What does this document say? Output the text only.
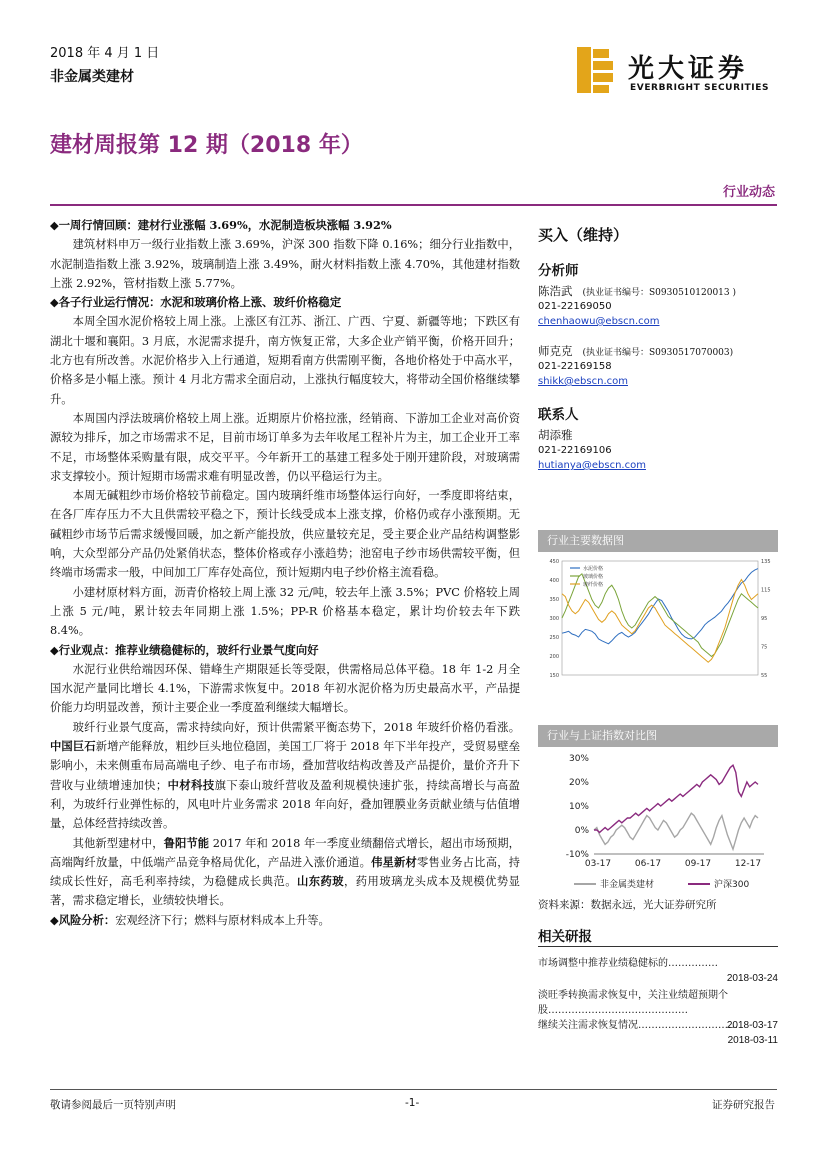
2018 年 4 月 1 日
非金属类建材	光大证券
EVERBRIGHT SECURITIES
建材周报第 12 期（2018 年）
行业动态

◆一周行情回顾：建材行业涨幅 3.69%，水泥制造板块涨幅 3.92%

建筑材料申万一级行业指数上涨 3.69%，沪深 300 指数下降 0.16%；细分行业指数中，水泥制造指数上涨 3.92%，玻璃制造上涨 3.49%，耐火材料指数上涨 4.70%，其他建材指数上涨 2.92%，管材指数上涨 5.77%。

◆各子行业运行情况：水泥和玻璃价格上涨、玻纤价格稳定

本周全国水泥价格较上周上涨。上涨区有江苏、浙江、广西、宁夏、新疆等地；下跌区有湖北十堰和襄阳。3 月底，水泥需求提升，南方恢复正常，大多企业产销平衡，价格开回升；北方也有所改善。水泥价格步入上行通道，短期看南方供需刚平衡，各地价格处于中高水平，价格多是小幅上涨。预计 4 月北方需求全面启动，上涨执行幅度较大，将带动全国价格继续攀升。

本周国内浮法玻璃价格较上周上涨。近期原片价格拉涨，经销商、下游加工企业对高价资源较为排斥，加之市场需求不足，目前市场订单多为去年收尾工程补片为主，加工企业开工率不足，市场整体采购量有限，成交平平。今年新开工的基建工程多处于刚开建阶段，对玻璃需求支撑较小。预计短期市场需求难有明显改善，仍以平稳运行为主。

本周无碱粗纱市场价格较节前稳定。国内玻璃纤维市场整体运行向好，一季度即将结束，在各厂库存压力不大且供需较平稳之下，预计长线受成本上涨支撑，价格仍或存小涨预期。无碱粗纱市场节后需求缓慢回暖，加之新产能投放，供应量较充足，受主要企业产品结构调整影响，大众型部分产品仍处紧俏状态，整体价格或存小涨趋势；池窑电子纱市场供需较平衡，但终端市场需求一般，中间加工厂库存处高位，预计短期内电子纱价格主流看稳。

小建材原材料方面，沥青价格较上周上涨 32 元/吨，较去年上涨 3.5%；PVC 价格较上周上涨 5 元/吨，累计较去年同期上涨 1.5%；PP-R 价格基本稳定，累计均价较去年下跌 8.4%。

◆行业观点：推荐业绩稳健标的，玻纤行业景气度向好

水泥行业供给端因环保、错峰生产期限延长等受限，供需格局总体平稳。18 年 1-2 月全国水泥产量同比增长 4.1%，下游需求恢复中。2018 年初水泥价格为历史最高水平，产品提价能力均明显改善，预计主要企业一季度盈利继续大幅增长。

玻纤行业景气度高，需求持续向好，预计供需紧平衡态势下，2018 年玻纤价格仍看涨。中国巨石新增产能释放，粗纱巨头地位稳固，美国工厂将于 2018 年下半年投产，受贸易壁垒影响小，未来侧重布局高端电子纱、电子布市场，叠加营收结构改善及产品提价，量价齐升下营收与业绩增速加快；中材科技旗下泰山玻纤营收及盈利规模快速扩张，持续高增长与高盈利，为玻纤行业弹性标的，风电叶片业务需求 2018 年向好，叠加锂膜业务贡献业绩与估值增量，总体经营持续改善。

其他新型建材中，鲁阳节能 2017 年和 2018 年一季度业绩翻倍式增长，超出市场预期，高端陶纤放量，中低端产品竞争格局优化，产品进入涨价通道。伟星新材零售业务占比高，持续成长性好，高毛利率持续，为稳健成长典范。山东药玻，药用玻璃龙头成本及规模优势显著，需求稳定增长，业绩较快增长。

◆风险分析：宏观经济下行；燃料与原材料成本上升等。

买入（维持）
分析师
陈浩武 (执业证书编号：S0930510120013 )
021-22169050
chenhaowu@ebscn.com
师克克 (执业证书编号：S0930517070003)
021-22169158
shikk@ebscn.com
联系人
胡添雅
021-22169106
hutianya@ebscn.com
行业主要数据图
450
400
350
300
250
200
150
135
115
95
75
55
水泥价格
玻璃价格
玻纤价格
行业与上证指数对比图
30%
20%
10%
0%
-10%
03-17	06-17	09-17	12-17
非金属类建材	沪深300
资料来源：数据永远，光大证券研究所
相关研报
市场调整中推荐业绩稳健标的……………
2018-03-24
淡旺季转换需求恢复中，关注业绩超预期个股……………………………………
2018-03-17
继续关注需求恢复情况…………………………
2018-03-11
敬请参阅最后一页特别声明	-1-	证券研究报告
